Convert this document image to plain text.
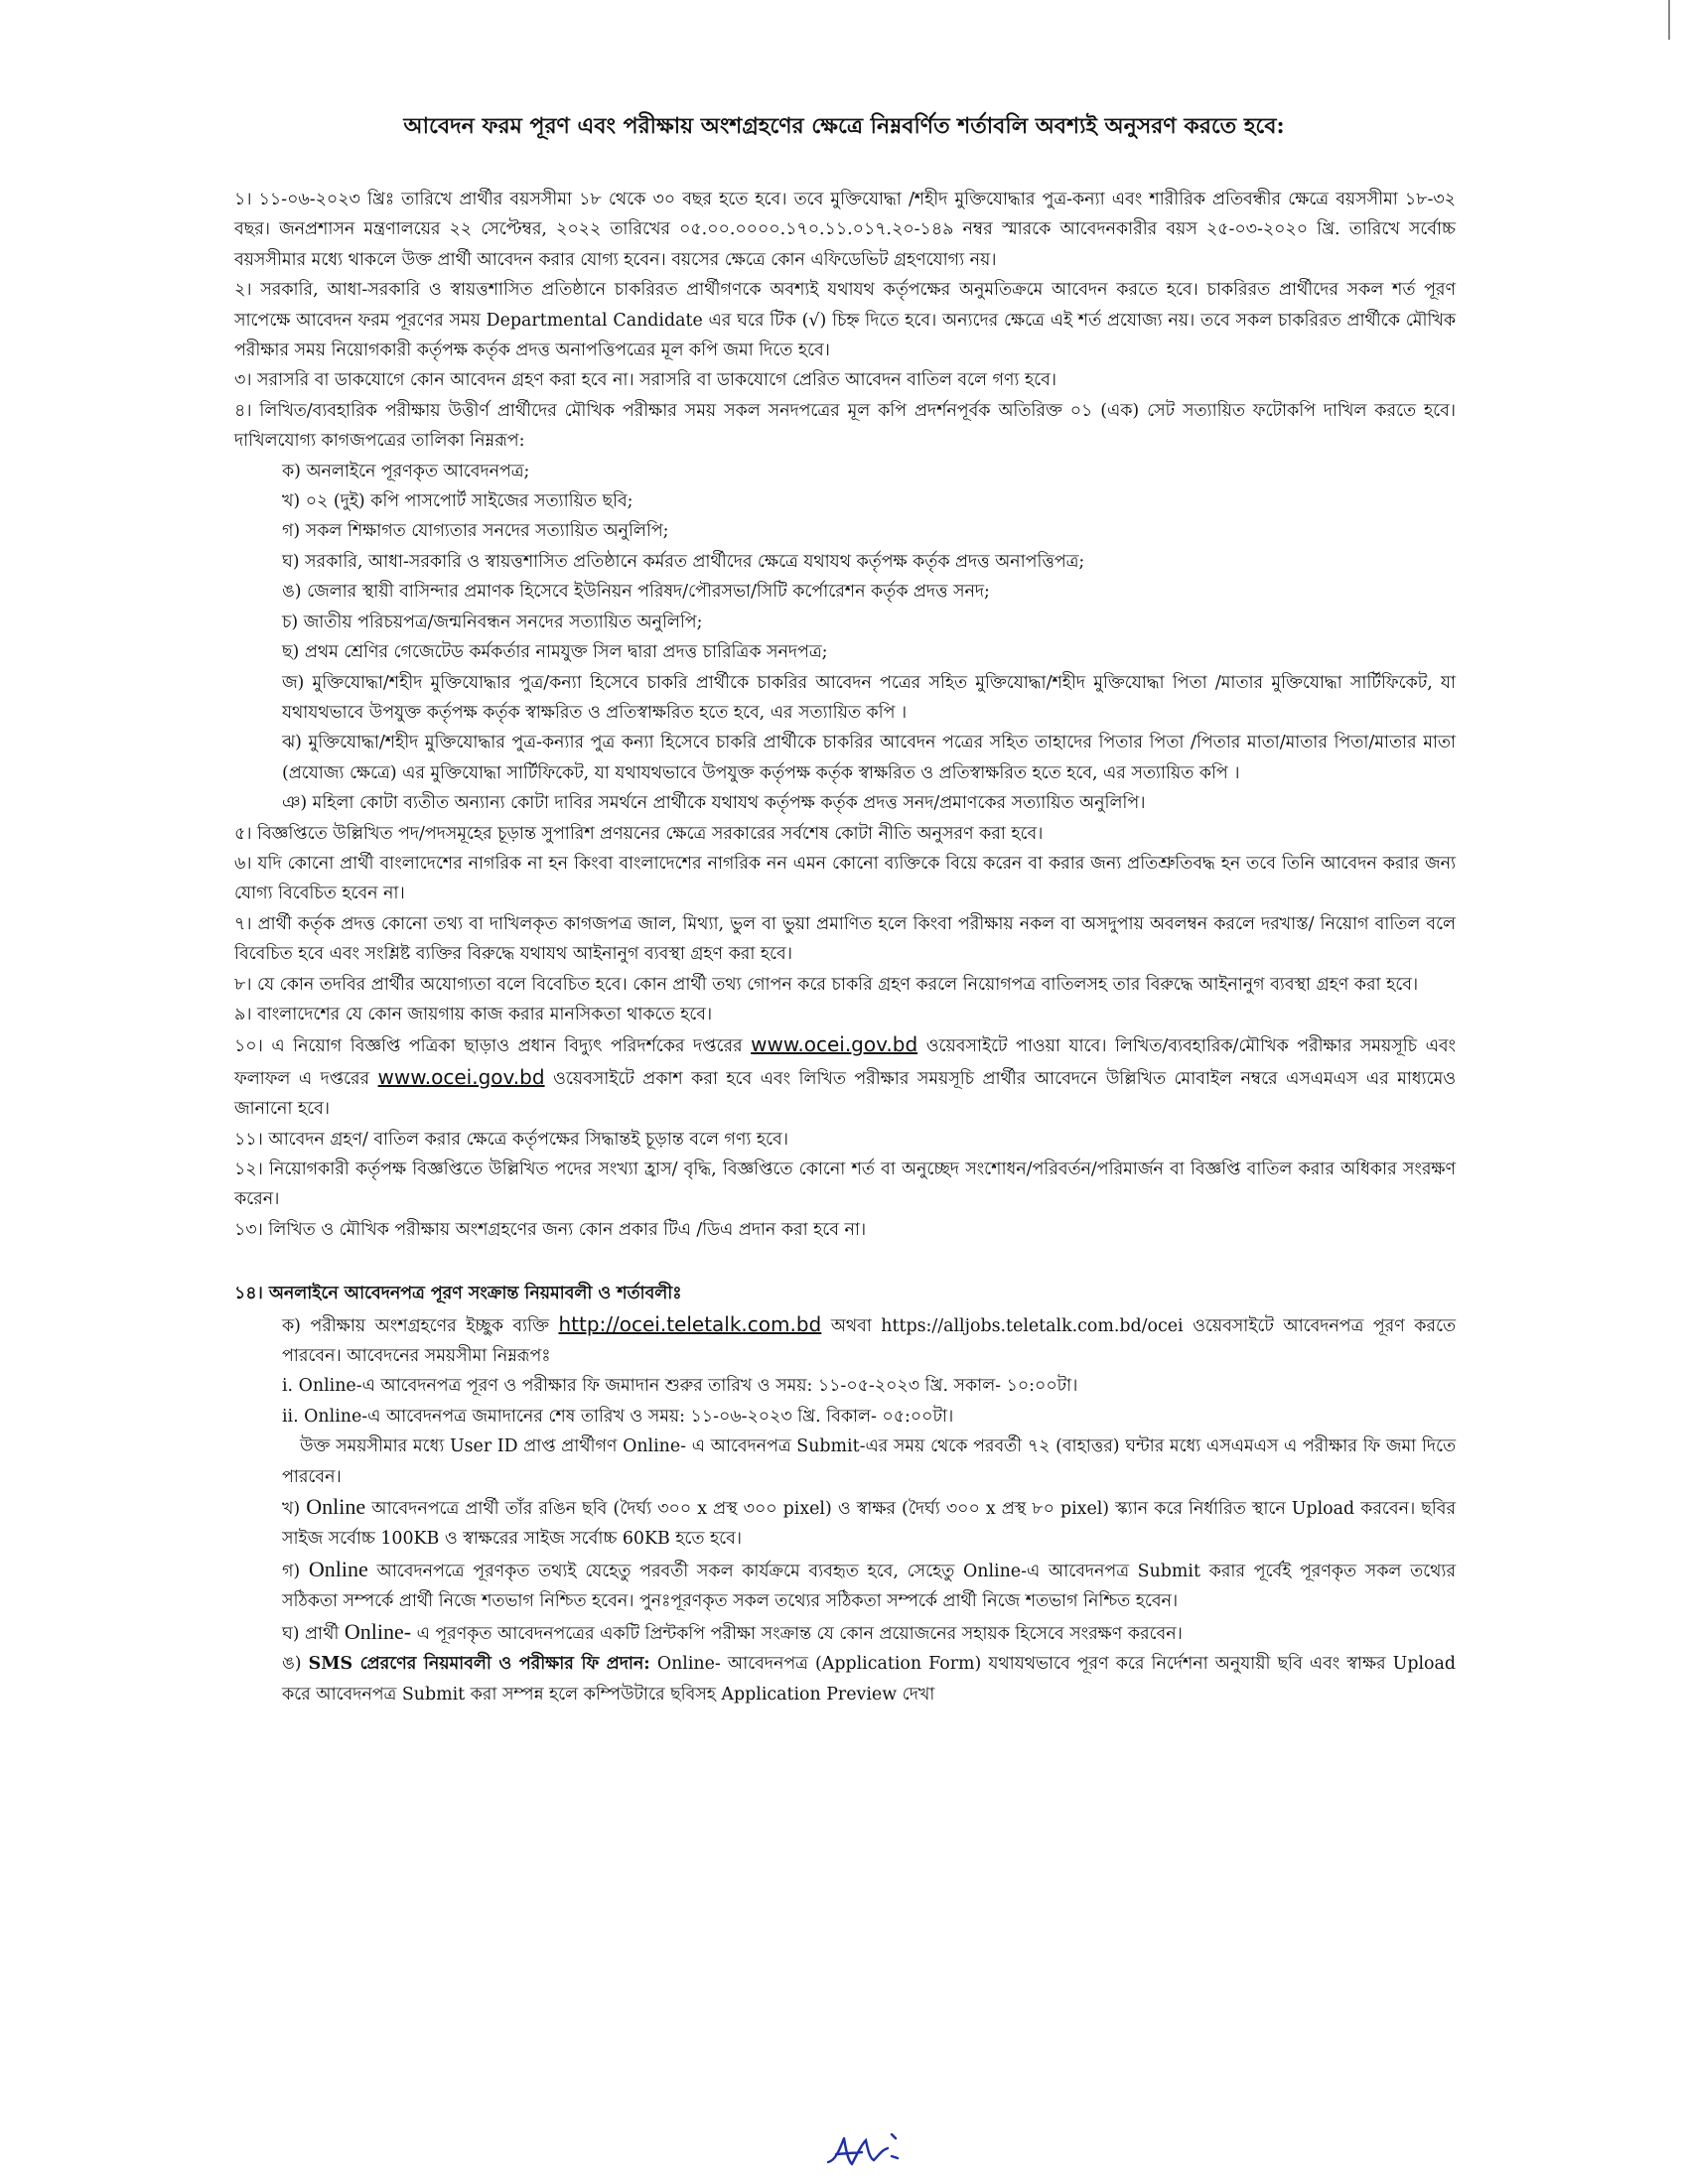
আবেদন ফরম পূরণ এবং পরীক্ষায় অংশগ্রহণের ক্ষেত্রে নিম্নবর্ণিত শর্তাবলি অবশ্যই অনুসরণ করতে হবে:

১। ১১-০৬-২০২৩ খ্রিঃ তারিখে প্রার্থীর বয়সসীমা ১৮ থেকে ৩০ বছর হতে হবে। তবে মুক্তিযোদ্ধা /শহীদ মুক্তিযোদ্ধার পুত্র-কন্যা এবং শারীরিক প্রতিবন্ধীর ক্ষেত্রে বয়সসীমা ১৮-৩২ বছর। জনপ্রশাসন মন্ত্রণালয়ের ২২ সেপ্টেম্বর, ২০২২ তারিখের ০৫.০০.০০০০.১৭০.১১.০১৭.২০-১৪৯ নম্বর স্মারকে আবেদনকারীর বয়স ২৫-০৩-২০২০ খ্রি. তারিখে সর্বোচ্চ বয়সসীমার মধ্যে থাকলে উক্ত প্রার্থী আবেদন করার যোগ্য হবেন। বয়সের ক্ষেত্রে কোন এফিডেভিট গ্রহণযোগ্য নয়।

২। সরকারি, আধা-সরকারি ও স্বায়ত্তশাসিত প্রতিষ্ঠানে চাকরিরত প্রার্থীগণকে অবশ্যই যথাযথ কর্তৃপক্ষের অনুমতিক্রমে আবেদন করতে হবে। চাকরিরত প্রার্থীদের সকল শর্ত পূরণ সাপেক্ষে আবেদন ফরম পূরণের সময় Departmental Candidate এর ঘরে টিক (√) চিহ্ন দিতে হবে। অন্যদের ক্ষেত্রে এই শর্ত প্রযোজ্য নয়। তবে সকল চাকরিরত প্রার্থীকে মৌখিক পরীক্ষার সময় নিয়োগকারী কর্তৃপক্ষ কর্তৃক প্রদত্ত অনাপত্তিপত্রের মূল কপি জমা দিতে হবে।

৩। সরাসরি বা ডাকযোগে কোন আবেদন গ্রহণ করা হবে না। সরাসরি বা ডাকযোগে প্রেরিত আবেদন বাতিল বলে গণ্য হবে।

৪। লিখিত/ব্যবহারিক পরীক্ষায় উত্তীর্ণ প্রার্থীদের মৌখিক পরীক্ষার সময় সকল সনদপত্রের মূল কপি প্রদর্শনপূর্বক অতিরিক্ত ০১ (এক) সেট সত্যায়িত ফটোকপি দাখিল করতে হবে। দাখিলযোগ্য কাগজপত্রের তালিকা নিম্নরূপ:

ক) অনলাইনে পূরণকৃত আবেদনপত্র;

খ) ০২ (দুই) কপি পাসপোর্ট সাইজের সত্যায়িত ছবি;

গ) সকল শিক্ষাগত যোগ্যতার সনদের সত্যায়িত অনুলিপি;

ঘ) সরকারি, আধা-সরকারি ও স্বায়ত্তশাসিত প্রতিষ্ঠানে কর্মরত প্রার্থীদের ক্ষেত্রে যথাযথ কর্তৃপক্ষ কর্তৃক প্রদত্ত অনাপত্তিপত্র;

ঙ) জেলার স্থায়ী বাসিন্দার প্রমাণক হিসেবে ইউনিয়ন পরিষদ/পৌরসভা/সিটি কর্পোরেশন কর্তৃক প্রদত্ত সনদ;

চ) জাতীয় পরিচয়পত্র/জন্মনিবন্ধন সনদের সত্যায়িত অনুলিপি;

ছ) প্রথম শ্রেণির গেজেটেড কর্মকর্তার নামযুক্ত সিল দ্বারা প্রদত্ত চারিত্রিক সনদপত্র;

জ) মুক্তিযোদ্ধা/শহীদ মুক্তিযোদ্ধার পুত্র/কন্যা হিসেবে চাকরি প্রার্থীকে চাকরির আবেদন পত্রের সহিত মুক্তিযোদ্ধা/শহীদ মুক্তিযোদ্ধা পিতা /মাতার মুক্তিযোদ্ধা সার্টিফিকেট, যা যথাযথভাবে উপযুক্ত কর্তৃপক্ষ কর্তৃক স্বাক্ষরিত ও প্রতিস্বাক্ষরিত হতে হবে, এর সত্যায়িত কপি ।

ঝ) মুক্তিযোদ্ধা/শহীদ মুক্তিযোদ্ধার পুত্র-কন্যার পুত্র কন্যা হিসেবে চাকরি প্রার্থীকে চাকরির আবেদন পত্রের সহিত তাহাদের পিতার পিতা /পিতার মাতা/মাতার পিতা/মাতার মাতা (প্রযোজ্য ক্ষেত্রে) এর মুক্তিযোদ্ধা সার্টিফিকেট, যা যথাযথভাবে উপযুক্ত কর্তৃপক্ষ কর্তৃক স্বাক্ষরিত ও প্রতিস্বাক্ষরিত হতে হবে, এর সত্যায়িত কপি ।

ঞ) মহিলা কোটা ব্যতীত অন্যান্য কোটা দাবির সমর্থনে প্রার্থীকে যথাযথ কর্তৃপক্ষ কর্তৃক প্রদত্ত সনদ/প্রমাণকের সত্যায়িত অনুলিপি।

৫। বিজ্ঞপ্তিতে উল্লিখিত পদ/পদসমূহের চূড়ান্ত সুপারিশ প্রণয়নের ক্ষেত্রে সরকারের সর্বশেষ কোটা নীতি অনুসরণ করা হবে।

৬। যদি কোনো প্রার্থী বাংলাদেশের নাগরিক না হন কিংবা বাংলাদেশের নাগরিক নন এমন কোনো ব্যক্তিকে বিয়ে করেন বা করার জন্য প্রতিশ্রুতিবদ্ধ হন তবে তিনি আবেদন করার জন্য যোগ্য বিবেচিত হবেন না।

৭। প্রার্থী কর্তৃক প্রদত্ত কোনো তথ্য বা দাখিলকৃত কাগজপত্র জাল, মিথ্যা, ভুল বা ভুয়া প্রমাণিত হলে কিংবা পরীক্ষায় নকল বা অসদুপায় অবলম্বন করলে দরখাস্ত/ নিয়োগ বাতিল বলে বিবেচিত হবে এবং সংশ্লিষ্ট ব্যক্তির বিরুদ্ধে যথাযথ আইনানুগ ব্যবস্থা গ্রহণ করা হবে।

৮। যে কোন তদবির প্রার্থীর অযোগ্যতা বলে বিবেচিত হবে। কোন প্রার্থী তথ্য গোপন করে চাকরি গ্রহণ করলে নিয়োগপত্র বাতিলসহ তার বিরুদ্ধে আইনানুগ ব্যবস্থা গ্রহণ করা হবে।

৯। বাংলাদেশের যে কোন জায়গায় কাজ করার মানসিকতা থাকতে হবে।

১০। এ নিয়োগ বিজ্ঞপ্তি পত্রিকা ছাড়াও প্রধান বিদ্যুৎ পরিদর্শকের দপ্তরের www.ocei.gov.bd ওয়েবসাইটে পাওয়া যাবে। লিখিত/ব্যবহারিক/মৌখিক পরীক্ষার সময়সূচি এবং ফলাফল এ দপ্তরের www.ocei.gov.bd ওয়েবসাইটে প্রকাশ করা হবে এবং লিখিত পরীক্ষার সময়সূচি প্রার্থীর আবেদনে উল্লিখিত মোবাইল নম্বরে এসএমএস এর মাধ্যমেও জানানো হবে।

১১। আবেদন গ্রহণ/ বাতিল করার ক্ষেত্রে কর্তৃপক্ষের সিদ্ধান্তই চূড়ান্ত বলে গণ্য হবে।

১২। নিয়োগকারী কর্তৃপক্ষ বিজ্ঞপ্তিতে উল্লিখিত পদের সংখ্যা হ্রাস/ বৃদ্ধি, বিজ্ঞপ্তিতে কোনো শর্ত বা অনুচ্ছেদ সংশোধন/পরিবর্তন/পরিমার্জন বা বিজ্ঞপ্তি বাতিল করার অধিকার সংরক্ষণ করেন।

১৩। লিখিত ও মৌখিক পরীক্ষায় অংশগ্রহণের জন্য কোন প্রকার টিএ /ডিএ প্রদান করা হবে না।

১৪। অনলাইনে আবেদনপত্র পূরণ সংক্রান্ত নিয়মাবলী ও শর্তাবলীঃ

ক) পরীক্ষায় অংশগ্রহণের ইচ্ছুক ব্যক্তি http://ocei.teletalk.com.bd অথবা https://alljobs.teletalk.com.bd/ocei ওয়েবসাইটে আবেদনপত্র পূরণ করতে পারবেন। আবেদনের সময়সীমা নিম্নরূপঃ

i. Online-এ আবেদনপত্র পূরণ ও পরীক্ষার ফি জমাদান শুরুর তারিখ ও সময়: ১১-০৫-২০২৩ খ্রি. সকাল- ১০:০০টা।

ii. Online-এ আবেদনপত্র জমাদানের শেষ তারিখ ও সময়: ১১-০৬-২০২৩ খ্রি. বিকাল- ০৫:০০টা।

উক্ত সময়সীমার মধ্যে User ID প্রাপ্ত প্রার্থীগণ Online- এ আবেদনপত্র Submit-এর সময় থেকে পরবর্তী ৭২ (বাহাত্তর) ঘন্টার মধ্যে এসএমএস এ পরীক্ষার ফি জমা দিতে পারবেন।

খ) Online আবেদনপত্রে প্রার্থী তাঁর রঙিন ছবি (দৈর্ঘ্য ৩০০ x প্রস্থ ৩০০ pixel) ও স্বাক্ষর (দৈর্ঘ্য ৩০০ x প্রস্থ ৮০ pixel) স্ক্যান করে নির্ধারিত স্থানে Upload করবেন। ছবির সাইজ সর্বোচ্চ 100KB ও স্বাক্ষরের সাইজ সর্বোচ্চ 60KB হতে হবে।

গ) Online আবেদনপত্রে পূরণকৃত তথ্যই যেহেতু পরবর্তী সকল কার্যক্রমে ব্যবহৃত হবে, সেহেতু Online-এ আবেদনপত্র Submit করার পূর্বেই পূরণকৃত সকল তথ্যের সঠিকতা সম্পর্কে প্রার্থী নিজে শতভাগ নিশ্চিত হবেন। পুনঃপূরণকৃত সকল তথ্যের সঠিকতা সম্পর্কে প্রার্থী নিজে শতভাগ নিশ্চিত হবেন।

ঘ) প্রার্থী Online- এ পূরণকৃত আবেদনপত্রের একটি প্রিন্টকপি পরীক্ষা সংক্রান্ত যে কোন প্রয়োজনের সহায়ক হিসেবে সংরক্ষণ করবেন।

ঙ) SMS প্রেরণের নিয়মাবলী ও পরীক্ষার ফি প্রদান: Online- আবেদনপত্র (Application Form) যথাযথভাবে পূরণ করে নির্দেশনা অনুযায়ী ছবি এবং স্বাক্ষর Upload করে আবেদনপত্র Submit করা সম্পন্ন হলে কম্পিউটারে ছবিসহ Application Preview দেখা
